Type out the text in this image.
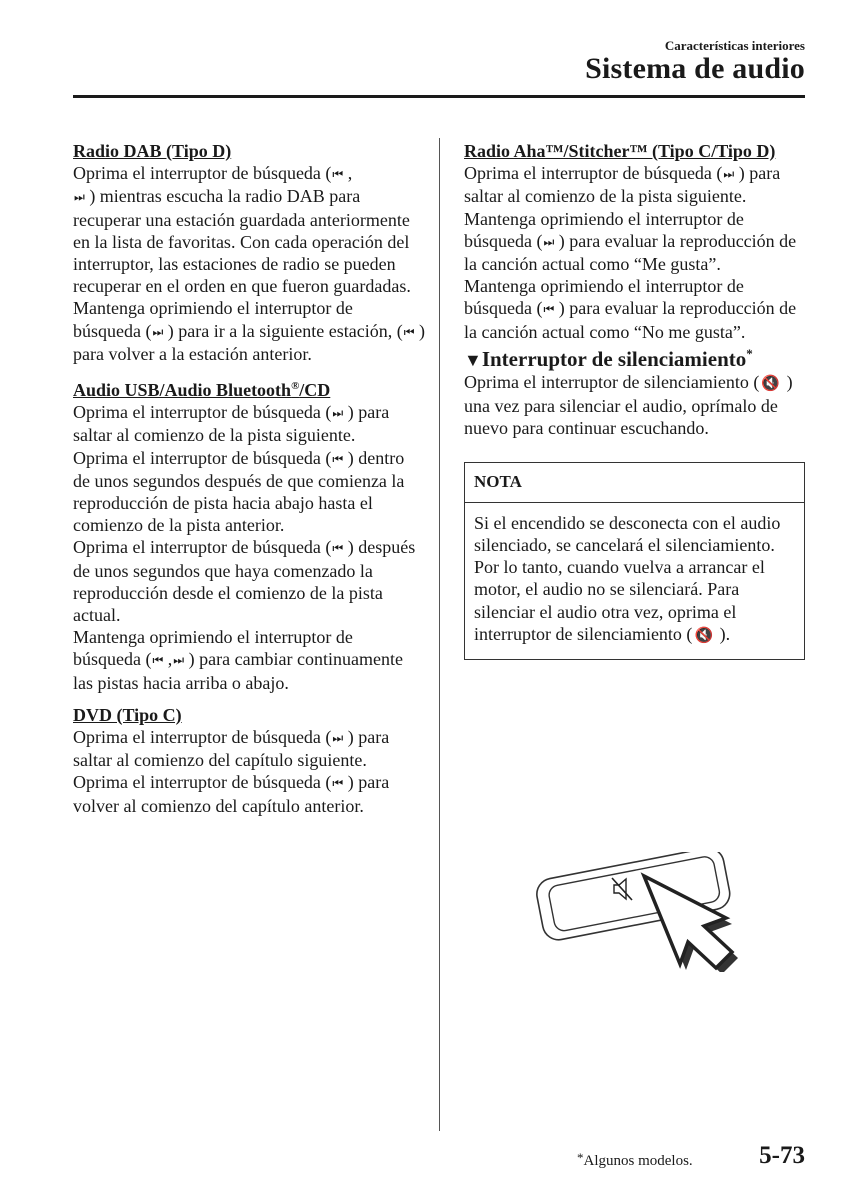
Características interiores
Sistema de audio

Radio DAB (Tipo D)

Oprima el interruptor de búsqueda (⏮ ,
⏭ ) mientras escucha la radio DAB para recuperar una estación guardada anteriormente en la lista de favoritas. Con cada operación del interruptor, las estaciones de radio se pueden recuperar en el orden en que fueron guardadas.

Mantenga oprimiendo el interruptor de búsqueda (⏭ ) para ir a la siguiente estación, (⏮ ) para volver a la estación anterior.

Audio USB/Audio Bluetooth®/CD

Oprima el interruptor de búsqueda (⏭ ) para saltar al comienzo de la pista siguiente.

Oprima el interruptor de búsqueda (⏮ ) dentro de unos segundos después de que comienza la reproducción de pista hacia abajo hasta el comienzo de la pista anterior.

Oprima el interruptor de búsqueda (⏮ ) después de unos segundos que haya comenzado la reproducción desde el comienzo de la pista actual.

Mantenga oprimiendo el interruptor de búsqueda (⏮ ,⏭ ) para cambiar continuamente las pistas hacia arriba o abajo.

DVD (Tipo C)

Oprima el interruptor de búsqueda (⏭ ) para saltar al comienzo del capítulo siguiente.

Oprima el interruptor de búsqueda (⏮ ) para volver al comienzo del capítulo anterior.

Radio Aha™/Stitcher™ (Tipo C/Tipo D)

Oprima el interruptor de búsqueda (⏭ ) para saltar al comienzo de la pista siguiente.

Mantenga oprimiendo el interruptor de búsqueda (⏭ ) para evaluar la reproducción de la canción actual como “Me gusta”.

Mantenga oprimiendo el interruptor de búsqueda (⏮ ) para evaluar la reproducción de la canción actual como “No me gusta”.

▼Interruptor de silenciamiento*

Oprima el interruptor de silenciamiento ( 🔇 ) una vez para silenciar el audio, oprímalo de nuevo para continuar escuchando.

NOTA
Si el encendido se desconecta con el audio silenciado, se cancelará el silenciamiento. Por lo tanto, cuando vuelva a arrancar el motor, el audio no se silenciará. Para silenciar el audio otra vez, oprima el interruptor de silenciamiento ( 🔇 ).
*Algunos modelos.	5-73
